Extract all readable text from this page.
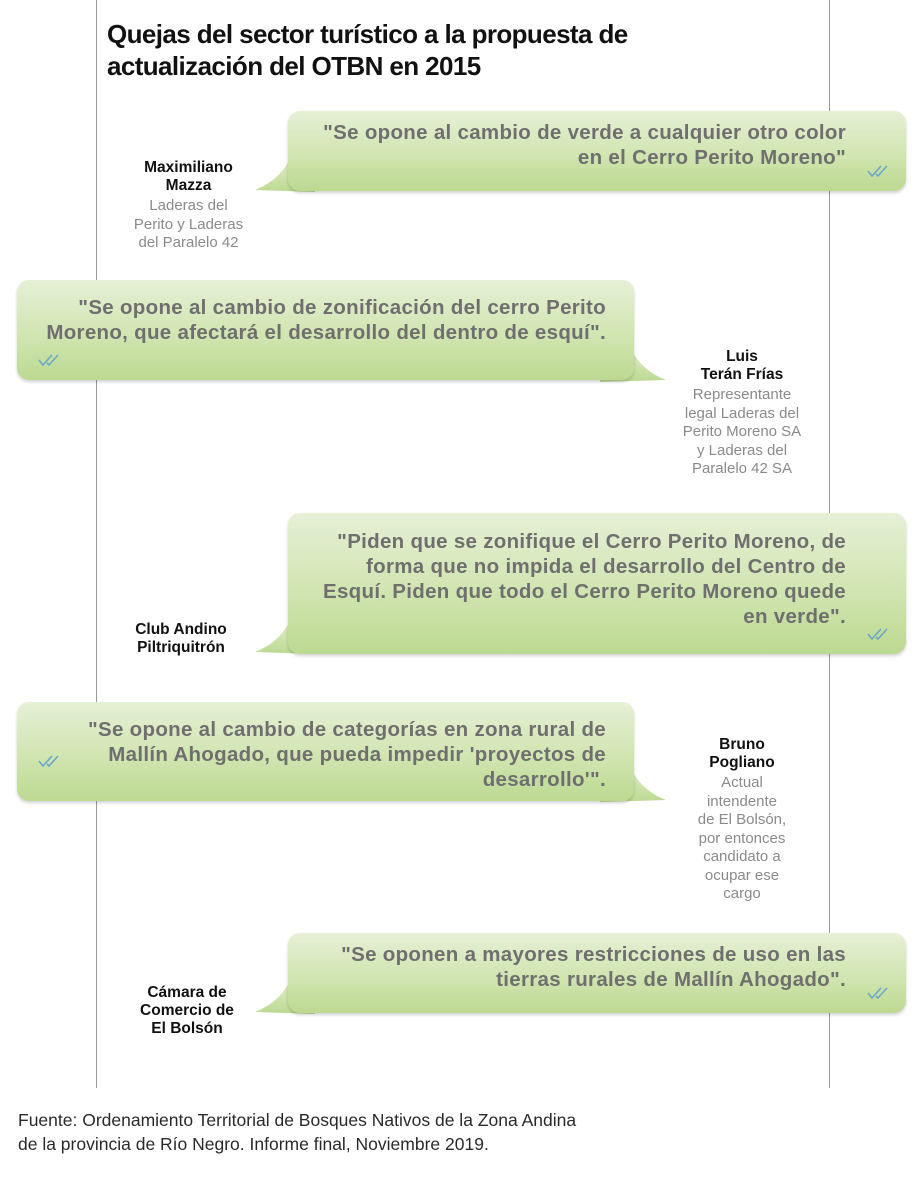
Quejas del sector turístico a la propuesta de actualización del OTBN en 2015
"Se opone al cambio de verde a cualquier otro color en el Cerro Perito Moreno"
Maximiliano
Mazza
Laderas del
Perito y Laderas
del Paralelo 42
"Se opone al cambio de zonificación del cerro Perito Moreno, que afectará el desarrollo del dentro de esquí".
Luis
Terán Frías
Representante
legal Laderas del
Perito Moreno SA
y Laderas del
Paralelo 42 SA
"Piden que se zonifique el Cerro Perito Moreno, de forma que no impida el desarrollo del Centro de Esquí. Piden que todo el Cerro Perito Moreno quede en verde".
Club Andino
Piltriquitrón
"Se opone al cambio de categorías en zona rural de Mallín Ahogado, que pueda impedir 'proyectos de desarrollo'".
Bruno
Pogliano
Actual
intendente
de El Bolsón,
por entonces
candidato a
ocupar ese
cargo
"Se oponen a mayores restricciones de uso en las tierras rurales de Mallín Ahogado".
Cámara de
Comercio de
El Bolsón

Fuente: Ordenamiento Territorial de Bosques Nativos de la Zona Andina
de la provincia de Río Negro. Informe final, Noviembre 2019.
